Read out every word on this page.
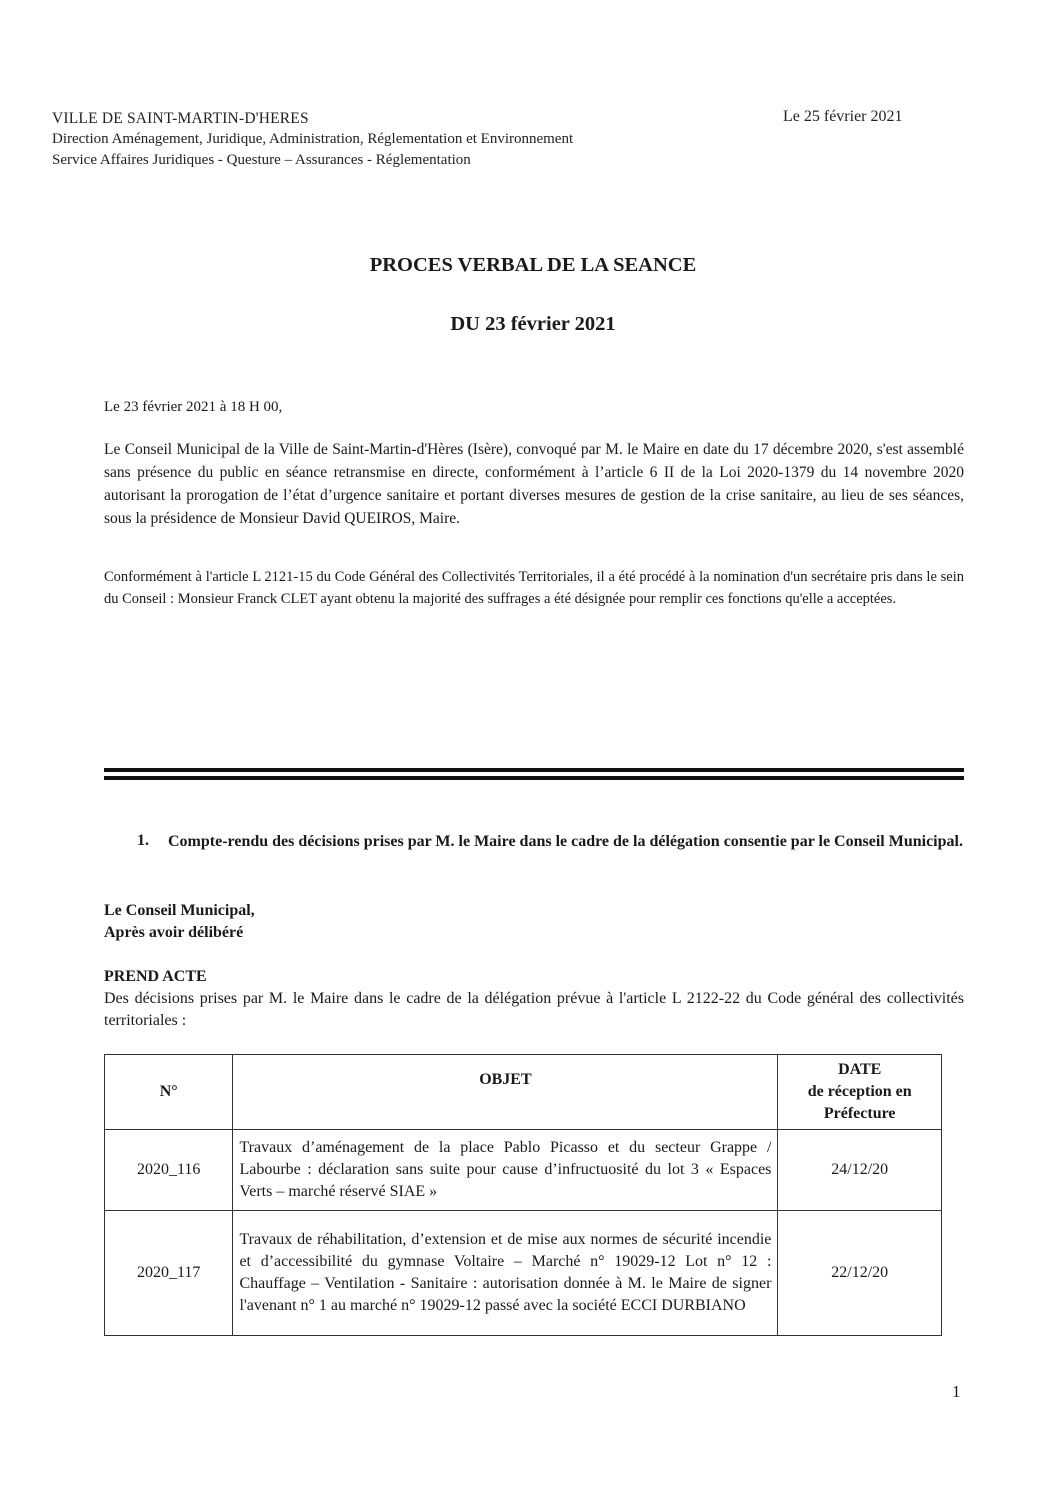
VILLE DE SAINT-MARTIN-D'HERES
Direction Aménagement, Juridique, Administration, Réglementation et Environnement
Service Affaires Juridiques - Questure – Assurances - Réglementation
Le 25 février 2021
PROCES VERBAL DE LA SEANCE
DU 23 février 2021
Le 23 février 2021 à 18 H 00,
Le Conseil Municipal de la Ville de Saint-Martin-d'Hères (Isère), convoqué par M. le Maire en date du 17 décembre 2020, s'est assemblé sans présence du public en séance retransmise en directe, conformément à l’article 6 II de la Loi 2020-1379 du 14 novembre 2020 autorisant la prorogation de l’état d’urgence sanitaire et portant diverses mesures de gestion de la crise sanitaire, au lieu de ses séances, sous la présidence de Monsieur David QUEIROS, Maire.
Conformément à l'article L 2121-15 du Code Général des Collectivités Territoriales, il a été procédé à la nomination d'un secrétaire pris dans le sein du Conseil : Monsieur Franck CLET ayant obtenu la majorité des suffrages a été désignée pour remplir ces fonctions qu'elle a acceptées.
1. Compte-rendu des décisions prises par M. le Maire dans le cadre de la délégation consentie par le Conseil Municipal.
Le Conseil Municipal,
Après avoir délibéré
PREND ACTE
Des décisions prises par M. le Maire dans le cadre de la délégation prévue à l'article L 2122-22 du Code général des collectivités territoriales :
N°	OBJET	DATE
de réception en
Préfecture

2020_116	Travaux d’aménagement de la place Pablo Picasso et du secteur Grappe / Labourbe : déclaration sans suite pour cause d’infructuosité du lot 3 « Espaces Verts – marché réservé SIAE »	24/12/20
2020_117	Travaux de réhabilitation, d’extension et de mise aux normes de sécurité incendie et d’accessibilité du gymnase Voltaire – Marché n° 19029-12 Lot n° 12 : Chauffage – Ventilation - Sanitaire : autorisation donnée à M. le Maire de signer l'avenant n° 1 au marché n° 19029-12 passé avec la société ECCI DURBIANO	22/12/20
1
